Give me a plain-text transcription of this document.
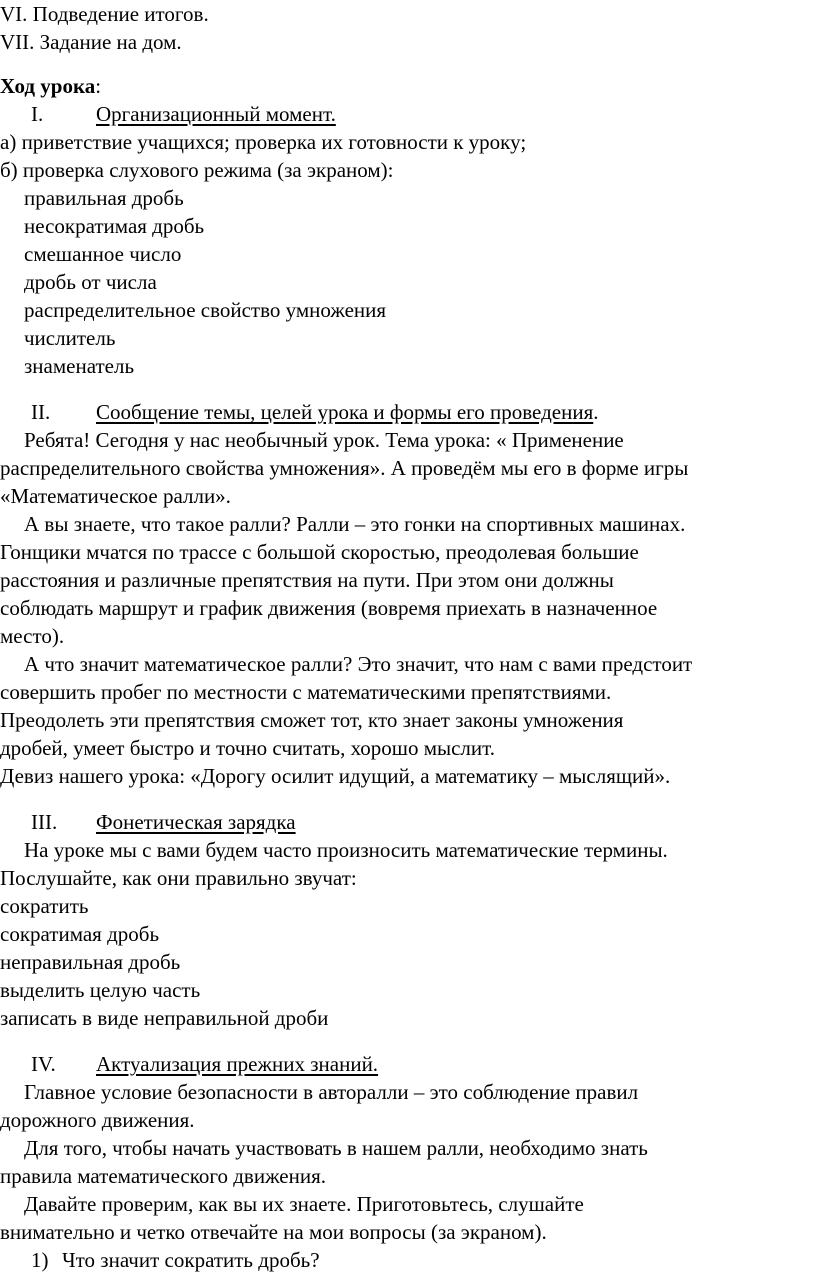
VI. Подведение итогов.
VII. Задание на дом.
Ход урока:
I.	Организационный момент.
а) приветствие учащихся; проверка их готовности к уроку;
б) проверка слухового режима (за экраном):
правильная дробь
несократимая дробь
смешанное число
дробь от числа
распределительное свойство умножения
числитель
знаменатель
II. Сообщение темы, целей урока и формы его проведения.
Ребята! Сегодня у нас необычный урок. Тема урока: « Применение
распределительного свойства умножения». А проведём мы его в форме игры
«Математическое ралли».
А вы знаете, что такое ралли? Ралли – это гонки на спортивных машинах.
Гонщики мчатся по трассе с большой скоростью, преодолевая большие
расстояния и различные препятствия на пути. При этом они должны
соблюдать маршрут и график движения (вовремя приехать в назначенное
место).
А что значит математическое ралли? Это значит, что нам с вами предстоит
совершить пробег по местности с математическими препятствиями.
Преодолеть эти препятствия сможет тот, кто знает законы умножения
дробей, умеет быстро и точно считать, хорошо мыслит.
Девиз нашего урока: «Дорогу осилит идущий, а математику – мыслящий».
III. Фонетическая зарядка
На уроке мы с вами будем часто произносить математические термины.
Послушайте, как они правильно звучат:
сократить
сократимая дробь
неправильная дробь
выделить целую часть
записать в виде неправильной дроби
IV. Актуализация прежних знаний.
Главное условие безопасности в авторалли – это соблюдение правил
дорожного движения.
Для того, чтобы начать участвовать в нашем ралли, необходимо знать
правила математического движения.
Давайте проверим, как вы их знаете. Приготовьтесь, слушайте
внимательно и четко отвечайте на мои вопросы (за экраном).
1) Что значит сократить дробь?
